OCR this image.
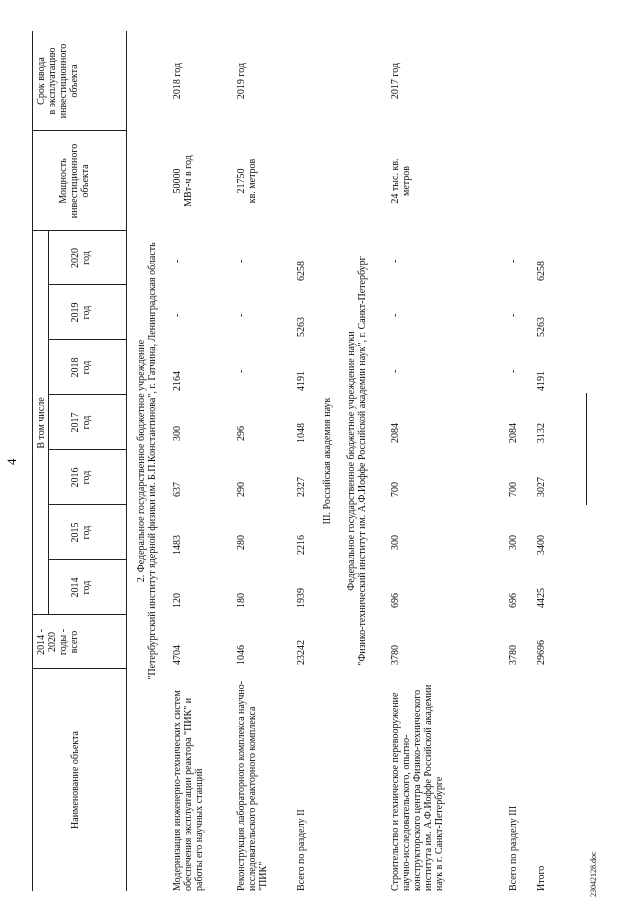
4
23042128.doc
Наименование объекта
2014 - 2020 годы - всего
В том числе
2014 год
2015 год
2016 год
2017 год
2018 год
2019 год
2020 год
Мощность инвестиционного объекта
Срок ввода в эксплуатацию инвестиционного объекта
2. Федеральное государственное бюджетное учреждение "Петербургский институт ядерной физики им. Б.П.Константинова", г. Гатчина, Ленинградская область
Модернизация инженерно-технических систем обеспечения эксплуатации реактора "ПИК" и работы его научных станций
4704
120
1483
637
300
2164
-
-
50000 МВт-ч в год
2018 год
Реконструкция лабораторного комплекса научно-исследовательского реакторного комплекса "ПИК"
1046
180
280
290
296
-
-
-
21750 кв. метров
2019 год
Всего по разделу II
23242
1939
2216
2327
1048
4191
5263
6258
III. Российская академия наук Федеральное государственное бюджетное учреждение науки "Физико-технический институт им. А.Ф.Иоффе Российской академии наук", г. Санкт-Петербург
Строительство и техническое перевооружение научно-исследовательского, опытно-конструкторского центра Физико-технического института им. А.Ф.Иоффе Российской академии наук в г. Санкт-Петербурге
3780
696
300
700
2084
-
-
-
24 тыс. кв. метров
2017 год
Всего по разделу III
3780
696
300
700
2084
-
-
-
Итого
29696
4425
3400
3027
3132
4191
5263
6258
